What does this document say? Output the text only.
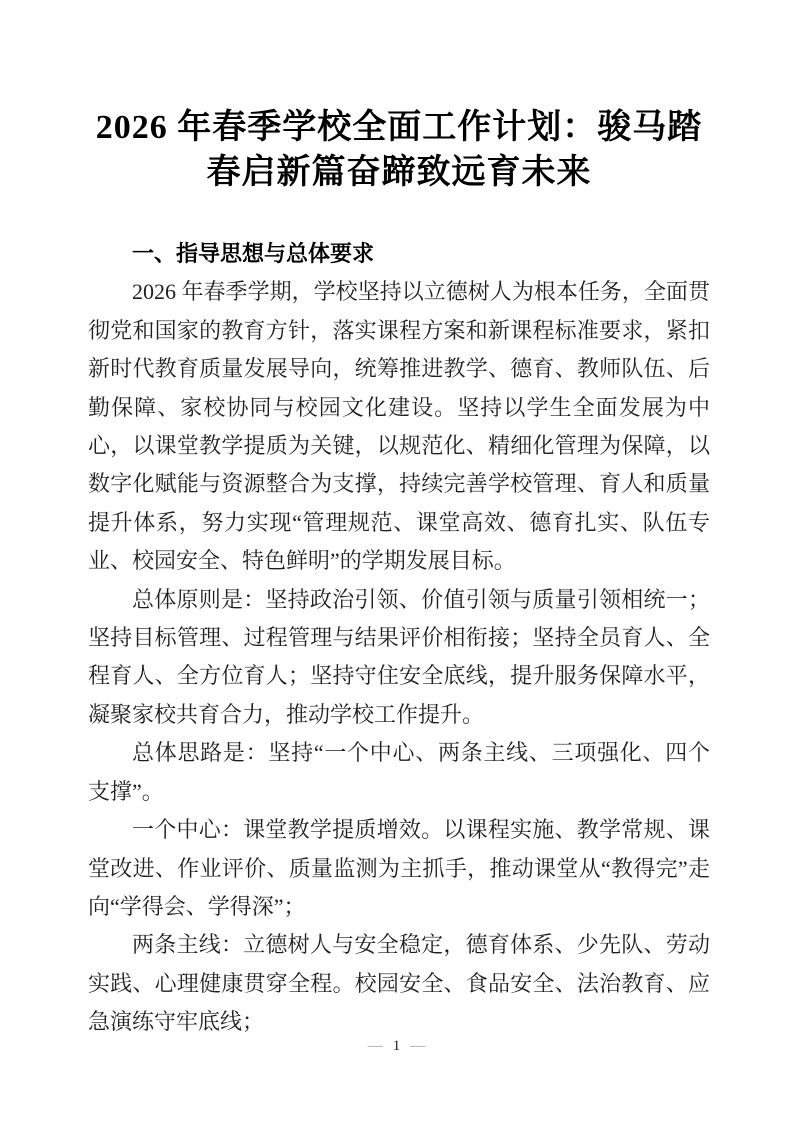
2026 年春季学校全面工作计划：骏马踏春启新篇奋蹄致远育未来
一、指导思想与总体要求

2026 年春季学期，学校坚持以立德树人为根本任务，全面贯彻党和国家的教育方针，落实课程方案和新课程标准要求，紧扣新时代教育质量发展导向，统筹推进教学、德育、教师队伍、后勤保障、家校协同与校园文化建设。坚持以学生全面发展为中心，以课堂教学提质为关键，以规范化、精细化管理为保障，以数字化赋能与资源整合为支撑，持续完善学校管理、育人和质量提升体系，努力实现“管理规范、课堂高效、德育扎实、队伍专业、校园安全、特色鲜明”的学期发展目标。

总体原则是：坚持政治引领、价值引领与质量引领相统一；坚持目标管理、过程管理与结果评价相衔接；坚持全员育人、全程育人、全方位育人；坚持守住安全底线，提升服务保障水平，凝聚家校共育合力，推动学校工作提升。

总体思路是：坚持“一个中心、两条主线、三项强化、四个支撑”。

一个中心：课堂教学提质增效。以课程实施、教学常规、课堂改进、作业评价、质量监测为主抓手，推动课堂从“教得完”走向“学得会、学得深”；

两条主线：立德树人与安全稳定，德育体系、少先队、劳动实践、心理健康贯穿全程。校园安全、食品安全、法治教育、应急演练守牢底线；

— 1 —
